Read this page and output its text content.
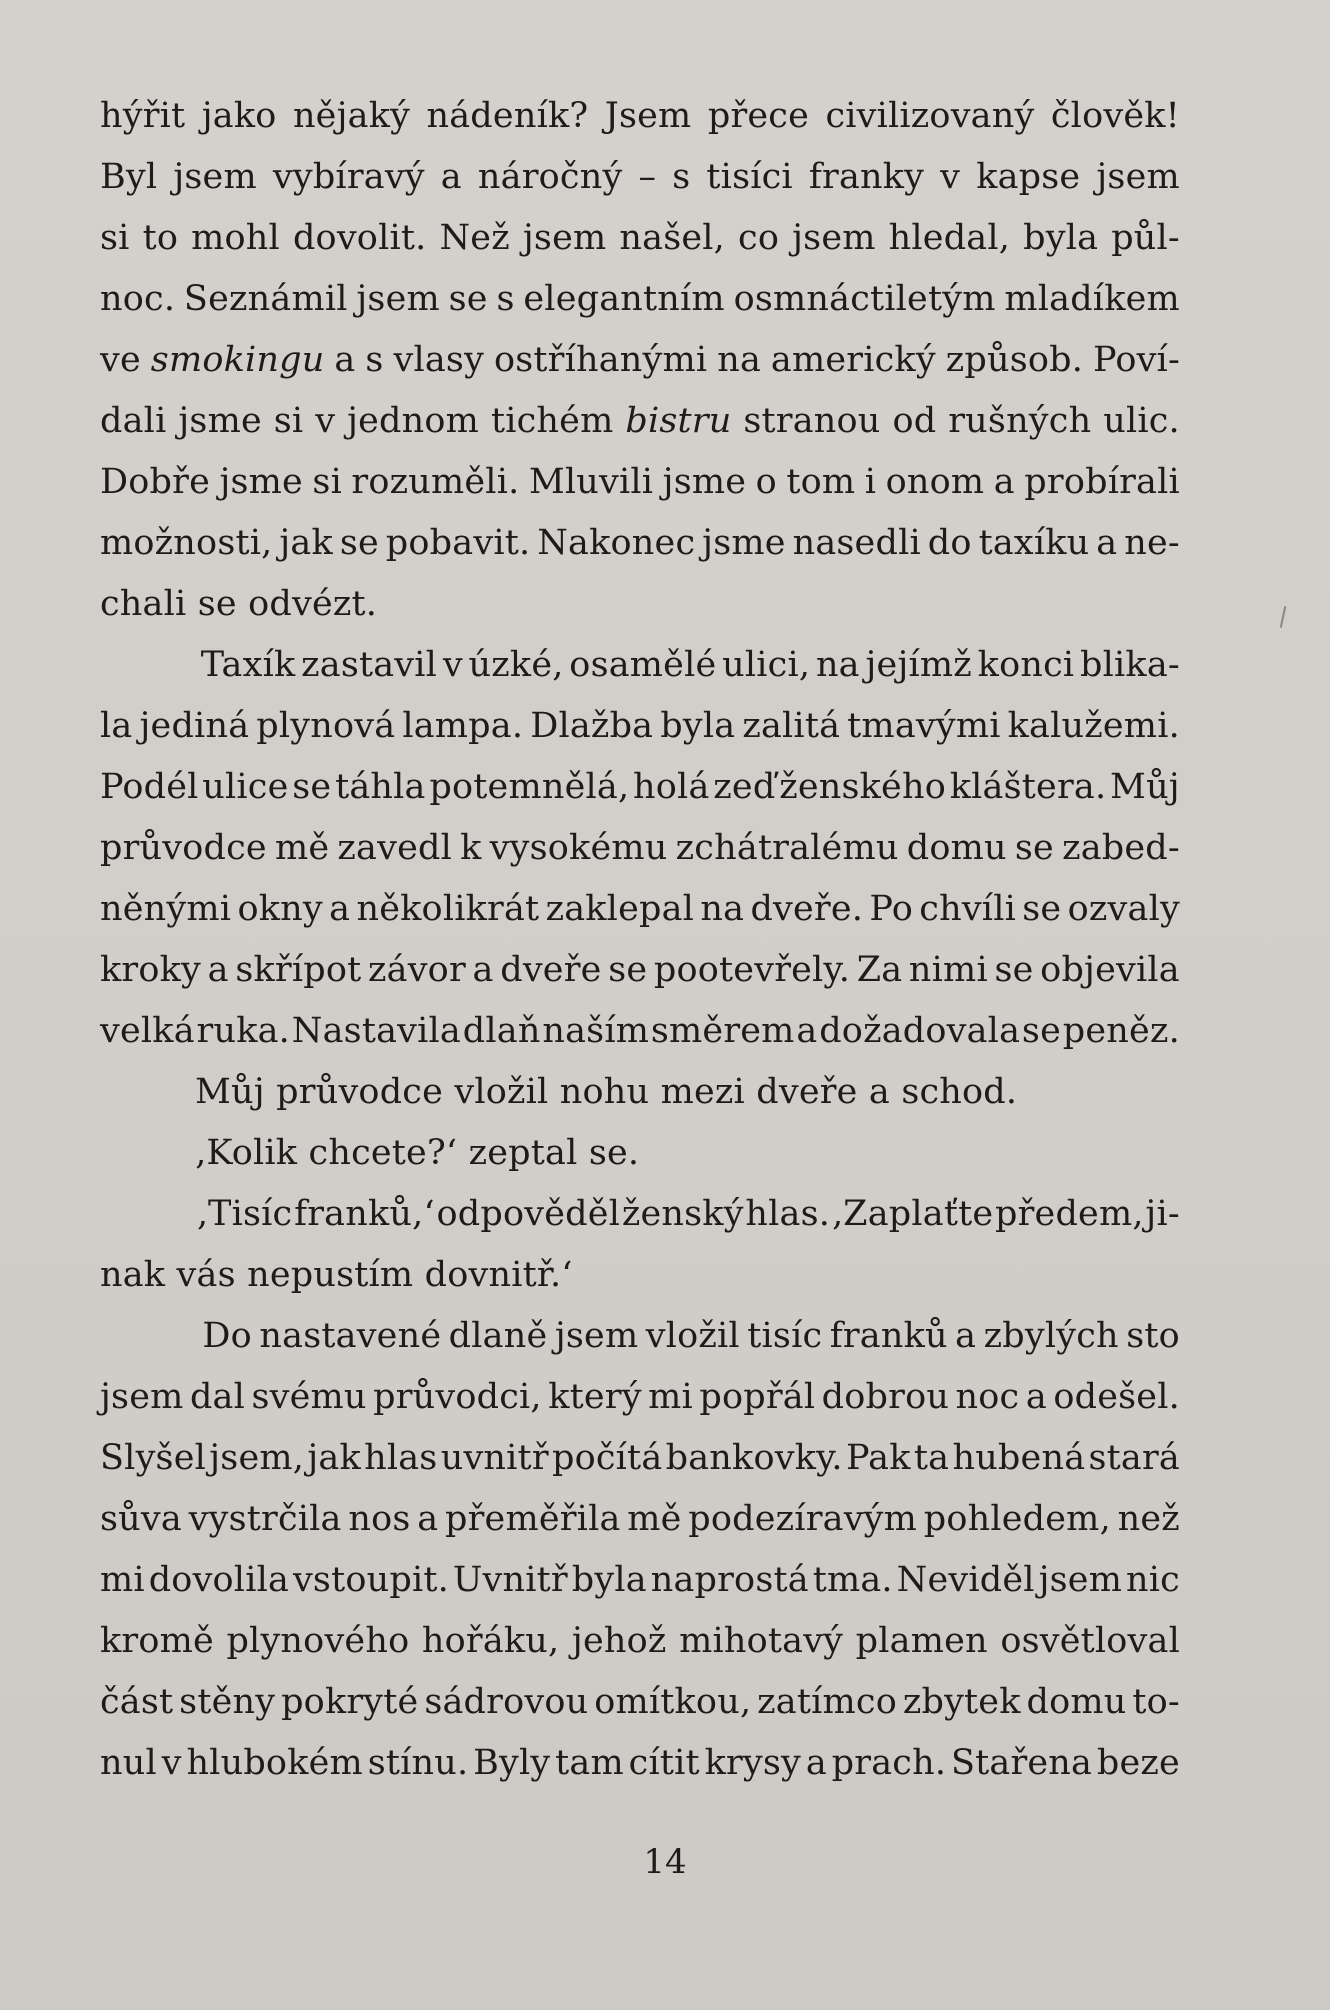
hýřit jako nějaký nádeník? Jsem přece civilizovaný člověk!
Byl jsem vybíravý a náročný – s tisíci franky v kapse jsem
si to mohl dovolit. Než jsem našel, co jsem hledal, byla půl-
noc. Seznámil jsem se s elegantním osmnáctiletým mladíkem
ve smokingu a s vlasy ostříhanými na americký způsob. Poví-
dali jsme si v jednom tichém bistru stranou od rušných ulic.
Dobře jsme si rozuměli. Mluvili jsme o tom i onom a probírali
možnosti, jak se pobavit. Nakonec jsme nasedli do taxíku a ne-
chali
se
odvézt.
Taxík zastavil v úzké, osamělé ulici, na jejímž konci blika-
la jediná plynová lampa. Dlažba byla zalitá tmavými kalužemi.
Podél ulice se táhla potemnělá, holá zeď ženského kláštera. Můj
průvodce mě zavedl k vysokému zchátralému domu se zabed-
něnými okny a několikrát zaklepal na dveře. Po chvíli se ozvaly
kroky a skřípot závor a dveře se pootevřely. Za nimi se objevila
velká ruka. Nastavila dlaň naším směrem a dožadovala se peněz.
Můj
průvodce
vložil
nohu
mezi
dveře
a
schod.
‚Kolik
chcete?‘
zeptal
se.
‚Tisíc franků,‘ odpověděl ženský hlas. ‚Zaplaťte předem, ji-
nak
vás
nepustím
dovnitř.‘
Do nastavené dlaně jsem vložil tisíc franků a zbylých sto
jsem dal svému průvodci, který mi popřál dobrou noc a odešel.
Slyšel jsem, jak hlas uvnitř počítá bankovky. Pak ta hubená stará
sůva vystrčila nos a přeměřila mě podezíravým pohledem, než
mi dovolila vstoupit. Uvnitř byla naprostá tma. Neviděl jsem nic
kromě plynového hořáku, jehož mihotavý plamen osvětloval
část stěny pokryté sádrovou omítkou, zatímco zbytek domu to-
nul v hlubokém stínu. Byly tam cítit krysy a prach. Stařena beze
14
